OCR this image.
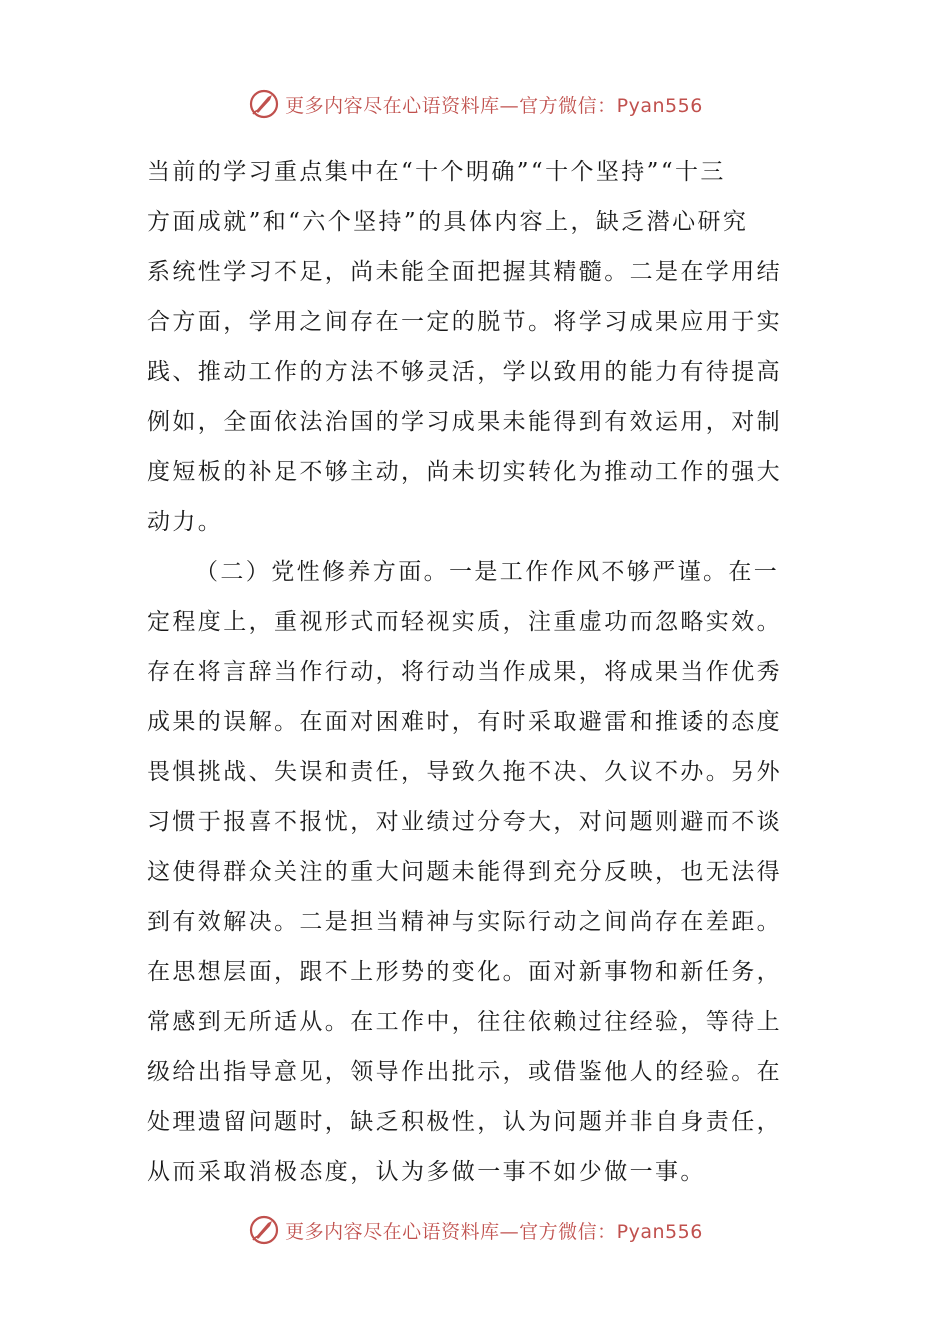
更多内容尽在心语资料库—官方微信：Pyan556
当前的学习重点集中在“十个明确”“十个坚持”“十三
方面成就”和“六个坚持”的具体内容上，缺乏潜心研究
系统性学习不足，尚未能全面把握其精髓。二是在学用结
合方面，学用之间存在一定的脱节。将学习成果应用于实
践、推动工作的方法不够灵活，学以致用的能力有待提高
例如，全面依法治国的学习成果未能得到有效运用，对制
度短板的补足不够主动，尚未切实转化为推动工作的强大
动力。
（二）党性修养方面。一是工作作风不够严谨。在一
定程度上，重视形式而轻视实质，注重虚功而忽略实效。
存在将言辞当作行动，将行动当作成果，将成果当作优秀
成果的误解。在面对困难时，有时采取避雷和推诿的态度
畏惧挑战、失误和责任，导致久拖不决、久议不办。另外
习惯于报喜不报忧，对业绩过分夸大，对问题则避而不谈
这使得群众关注的重大问题未能得到充分反映，也无法得
到有效解决。二是担当精神与实际行动之间尚存在差距。
在思想层面，跟不上形势的变化。面对新事物和新任务，
常感到无所适从。在工作中，往往依赖过往经验，等待上
级给出指导意见，领导作出批示，或借鉴他人的经验。在
处理遗留问题时，缺乏积极性，认为问题并非自身责任，
从而采取消极态度，认为多做一事不如少做一事。
更多内容尽在心语资料库—官方微信：Pyan556
